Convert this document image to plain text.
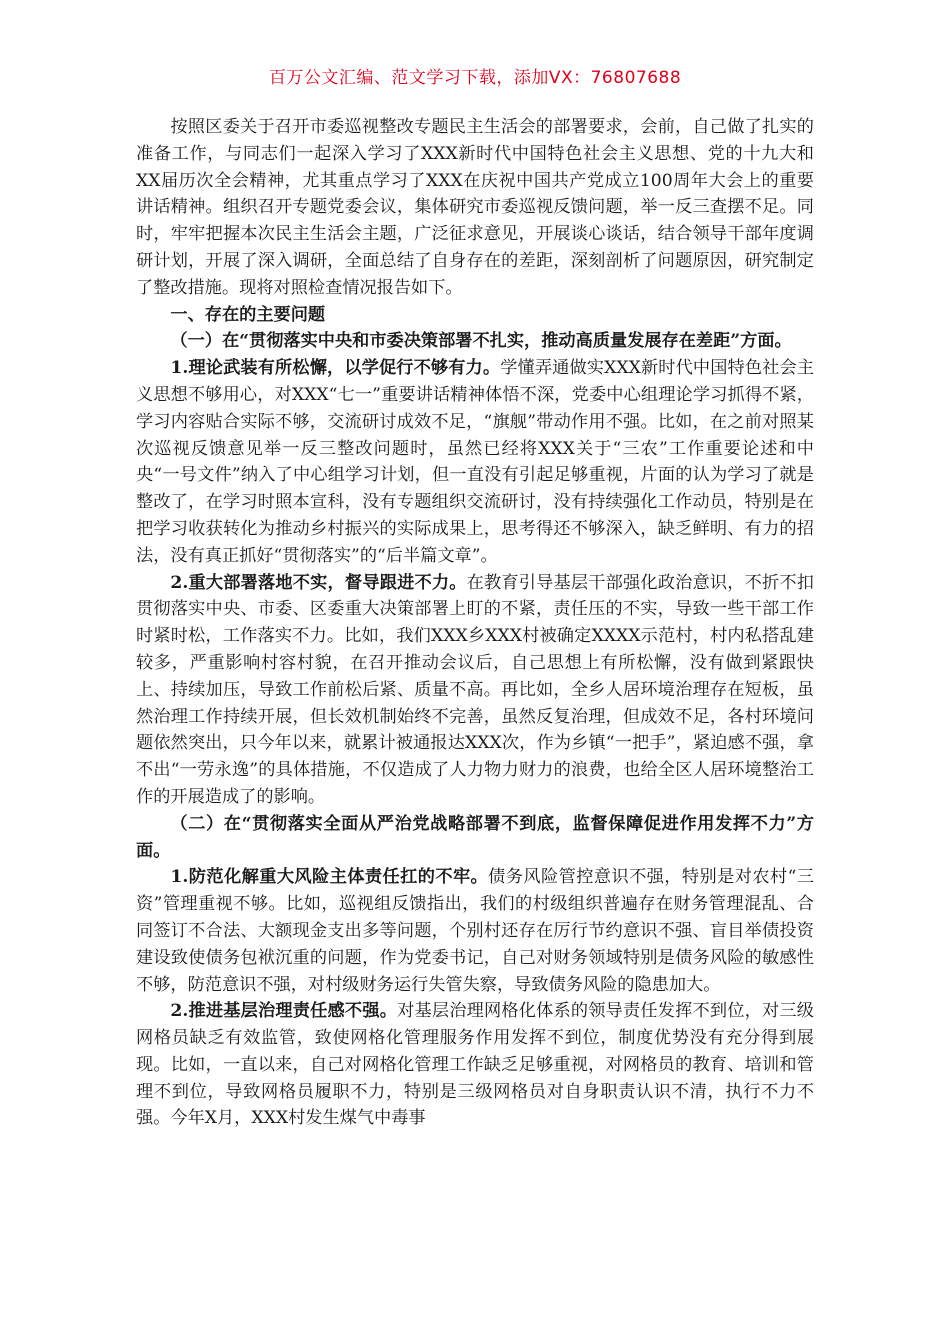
百万公文汇编、范文学习下载，添加VX：76807688

按照区委关于召开市委巡视整改专题民主生活会的部署要求，会前，自己做了扎实的准备工作，与同志们一起深入学习了XXX新时代中国特色社会主义思想、党的十九大和XX届历次全会精神，尤其重点学习了XXX在庆祝中国共产党成立100周年大会上的重要讲话精神。组织召开专题党委会议，集体研究市委巡视反馈问题，举一反三查摆不足。同时，牢牢把握本次民主生活会主题，广泛征求意见，开展谈心谈话，结合领导干部年度调研计划，开展了深入调研，全面总结了自身存在的差距，深刻剖析了问题原因，研究制定了整改措施。现将对照检查情况报告如下。

一、存在的主要问题

（一）在“贯彻落实中央和市委决策部署不扎实，推动高质量发展存在差距”方面。

1.理论武装有所松懈，以学促行不够有力。学懂弄通做实XXX新时代中国特色社会主义思想不够用心，对XXX“七一”重要讲话精神体悟不深，党委中心组理论学习抓得不紧，学习内容贴合实际不够，交流研讨成效不足，“旗舰”带动作用不强。比如，在之前对照某次巡视反馈意见举一反三整改问题时，虽然已经将XXX关于“三农”工作重要论述和中央“一号文件”纳入了中心组学习计划，但一直没有引起足够重视，片面的认为学习了就是整改了，在学习时照本宣科，没有专题组织交流研讨，没有持续强化工作动员，特别是在把学习收获转化为推动乡村振兴的实际成果上，思考得还不够深入，缺乏鲜明、有力的招法，没有真正抓好“贯彻落实”的“后半篇文章”。

2.重大部署落地不实，督导跟进不力。在教育引导基层干部强化政治意识，不折不扣贯彻落实中央、市委、区委重大决策部署上盯的不紧，责任压的不实，导致一些干部工作时紧时松，工作落实不力。比如，我们XXX乡XXX村被确定XXXX示范村，村内私搭乱建较多，严重影响村容村貌，在召开推动会议后，自己思想上有所松懈，没有做到紧跟快上、持续加压，导致工作前松后紧、质量不高。再比如，全乡人居环境治理存在短板，虽然治理工作持续开展，但长效机制始终不完善，虽然反复治理，但成效不足，各村环境问题依然突出，只今年以来，就累计被通报达XXX次，作为乡镇“一把手”，紧迫感不强，拿不出“一劳永逸”的具体措施，不仅造成了人力物力财力的浪费，也给全区人居环境整治工作的开展造成了的影响。

（二）在“贯彻落实全面从严治党战略部署不到底，监督保障促进作用发挥不力”方面。

1.防范化解重大风险主体责任扛的不牢。债务风险管控意识不强，特别是对农村“三资”管理重视不够。比如，巡视组反馈指出，我们的村级组织普遍存在财务管理混乱、合同签订不合法、大额现金支出多等问题，个别村还存在厉行节约意识不强、盲目举债投资建设致使债务包袱沉重的问题，作为党委书记，自己对财务领域特别是债务风险的敏感性不够，防范意识不强，对村级财务运行失管失察，导致债务风险的隐患加大。

2.推进基层治理责任感不强。对基层治理网格化体系的领导责任发挥不到位，对三级网格员缺乏有效监管，致使网格化管理服务作用发挥不到位，制度优势没有充分得到展现。比如，一直以来，自己对网格化管理工作缺乏足够重视，对网格员的教育、培训和管理不到位，导致网格员履职不力，特别是三级网格员对自身职责认识不清，执行不力不强。今年X月，XXX村发生煤气中毒事
